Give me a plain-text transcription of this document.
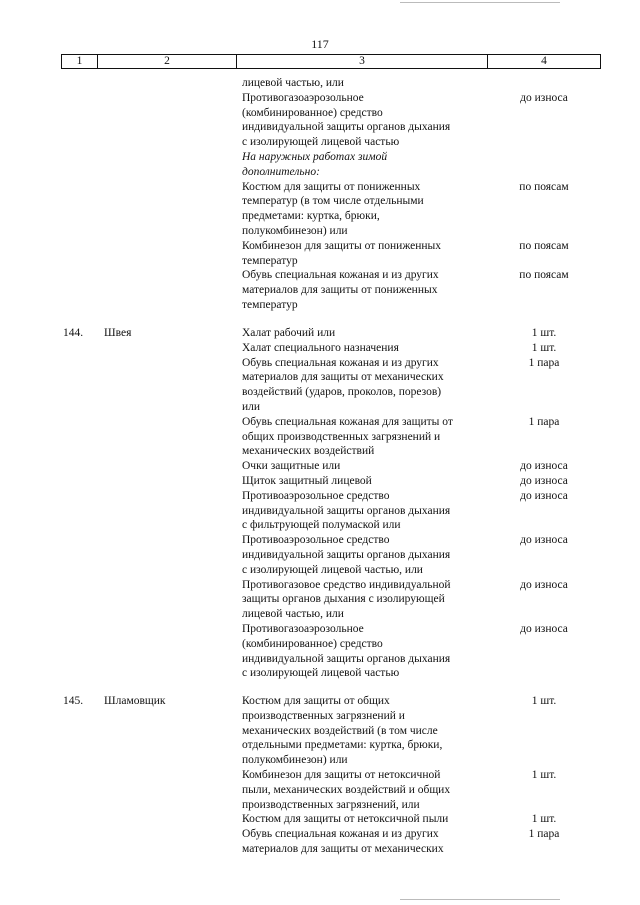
117
1	2	3	4
лицевой частью, или
Противогазоаэрозольное	до износа
(комбинированное) средство
индивидуальной защиты органов дыхания
с изолирующей лицевой частью
На наружных работах зимой
дополнительно:
Костюм для защиты от пониженных	по поясам
температур (в том числе отдельными
предметами: куртка, брюки,
полукомбинезон) или
Комбинезон для защиты от пониженных	по поясам
температур
Обувь специальная кожаная и из других	по поясам
материалов для защиты от пониженных
температур
144. Швея	Халат рабочий или	1 шт.
Халат специального назначения	1 шт.
Обувь специальная кожаная и из других	1 пара
материалов для защиты от механических
воздействий (ударов, проколов, порезов)
или
Обувь специальная кожаная для защиты от	1 пара
общих производственных загрязнений и
механических воздействий
Очки защитные или	до износа
Щиток защитный лицевой	до износа
Противоаэрозольное средство	до износа
индивидуальной защиты органов дыхания
с фильтрующей полумаской или
Противоаэрозольное средство	до износа
индивидуальной защиты органов дыхания
с изолирующей лицевой частью, или
Противогазовое средство индивидуальной	до износа
защиты органов дыхания с изолирующей
лицевой частью, или
Противогазоаэрозольное	до износа
(комбинированное) средство
индивидуальной защиты органов дыхания
с изолирующей лицевой частью
145. Шламовщик	Костюм для защиты от общих	1 шт.
производственных загрязнений и
механических воздействий (в том числе
отдельными предметами: куртка, брюки,
полукомбинезон) или
Комбинезон для защиты от нетоксичной	1 шт.
пыли, механических воздействий и общих
производственных загрязнений, или
Костюм для защиты от нетоксичной пыли	1 шт.
Обувь специальная кожаная и из других	1 пара
материалов для защиты от механических
